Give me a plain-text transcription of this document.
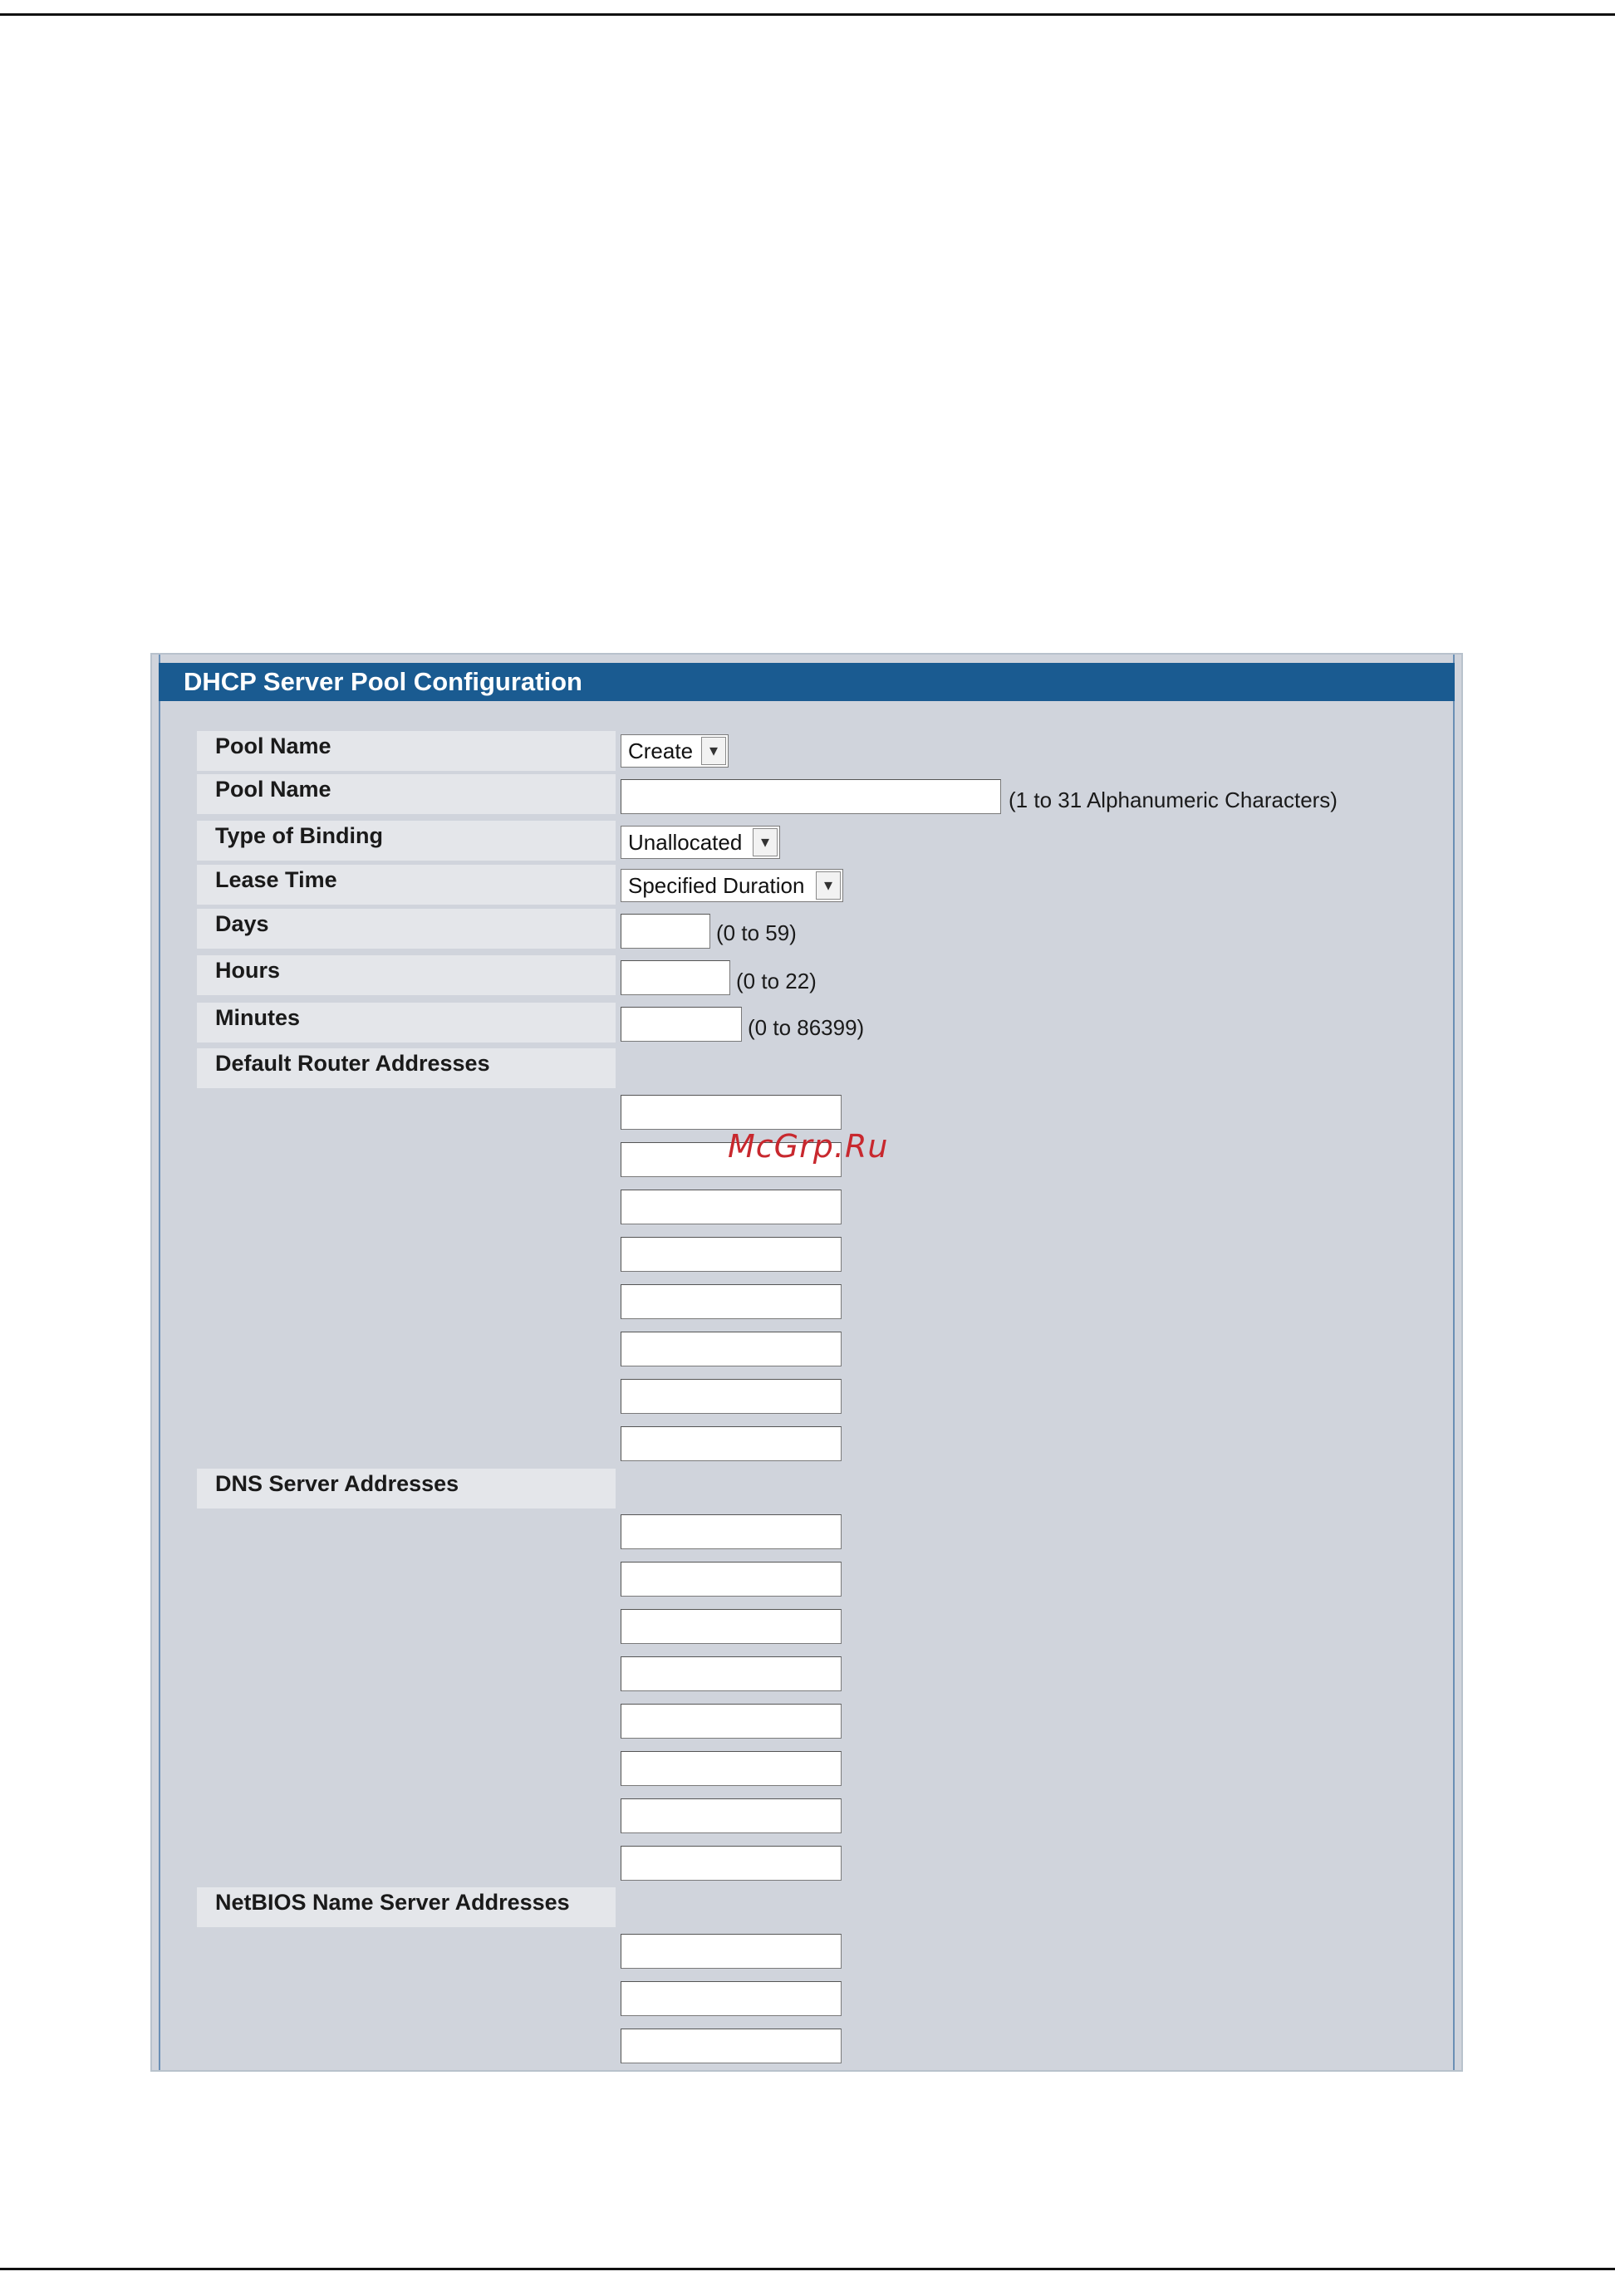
DHCP Server Pool Configuration
Pool Name	Create ▾
Pool Name	(1 to 31 Alphanumeric Characters)
Type of Binding	Unallocated	▾
Lease Time	Specified Duration	▾
Days	(0 to 59)
Hours	(0 to 22)
Minutes	(0 to 86399)
Default Router Addresses
DNS Server Addresses
NetBIOS Name Server Addresses
McGrp.Ru
